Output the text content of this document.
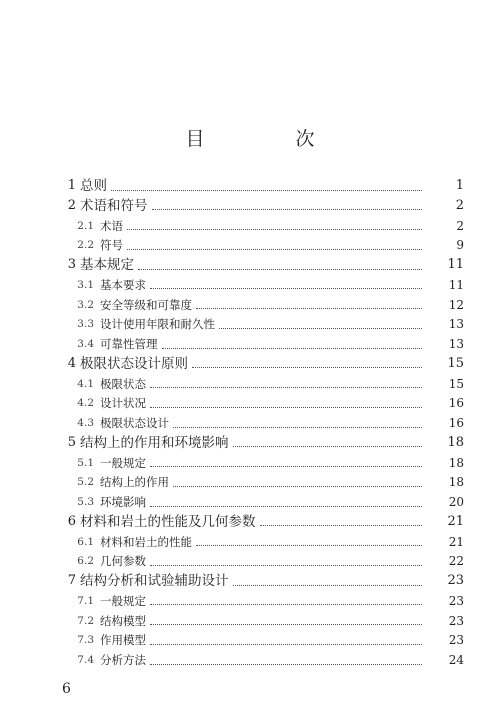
目　次
1 总则	1
2 术语和符号	2
2.1 术语	2
2.2 符号	9
3 基本规定	11
3.1 基本要求	11
3.2 安全等级和可靠度	12
3.3 设计使用年限和耐久性	13
3.4 可靠性管理	13
4 极限状态设计原则	15
4.1 极限状态	15
4.2 设计状况	16
4.3 极限状态设计	16
5 结构上的作用和环境影响	18
5.1 一般规定	18
5.2 结构上的作用	18
5.3 环境影响	20
6 材料和岩土的性能及几何参数	21
6.1 材料和岩土的性能	21
6.2 几何参数	22
7 结构分析和试验辅助设计	23
7.1 一般规定	23
7.2 结构模型	23
7.3 作用模型	23
7.4 分析方法	24
6
